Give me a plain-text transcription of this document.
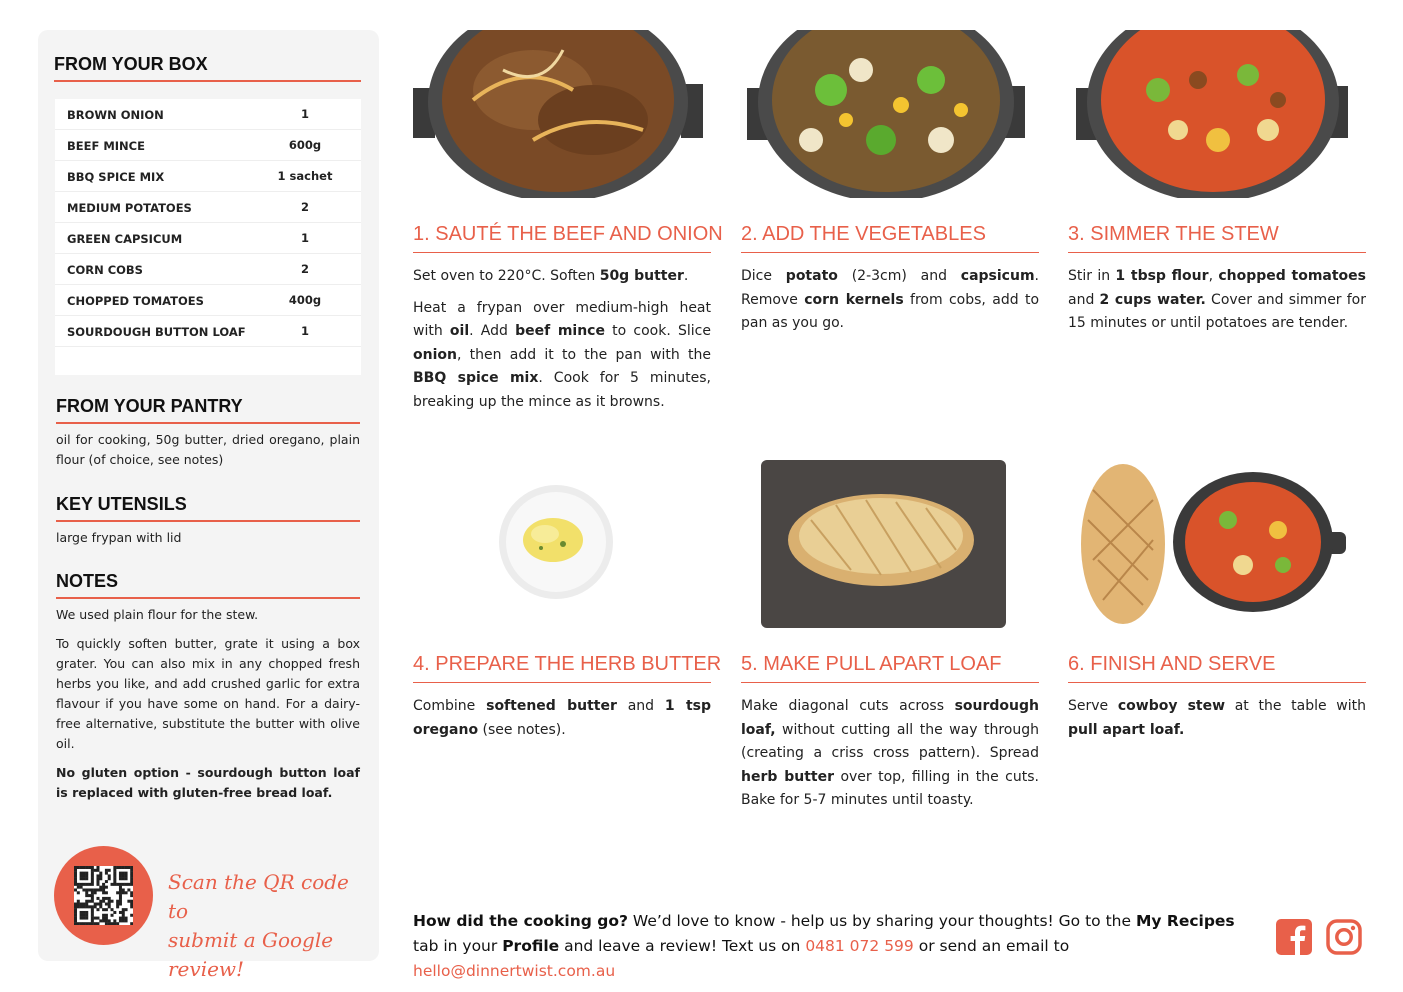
FROM YOUR BOX
BROWN ONION	1
BEEF MINCE	600g
BBQ SPICE MIX	1 sachet
MEDIUM POTATOES	2
GREEN CAPSICUM	1
CORN COBS	2
CHOPPED TOMATOES	400g
SOURDOUGH BUTTON LOAF	1
FROM YOUR PANTRY
oil for cooking, 50g butter, dried oregano, plain flour (of choice, see notes)
KEY UTENSILS
large frypan with lid
NOTES

We used plain flour for the stew.

To quickly soften butter, grate it using a box grater. You can also mix in any chopped fresh herbs you like, and add crushed garlic for extra flavour if you have some on hand. For a dairy-free alternative, substitute the butter with olive oil.

No gluten option - sourdough button loaf is replaced with gluten-free bread loaf.

Scan the QR code to
submit a Google review!
1. SAUTÉ THE BEEF AND ONION

Set oven to 220°C. Soften 50g butter.

Heat a frypan over medium-high heat with oil. Add beef mince to cook. Slice onion, then add it to the pan with the BBQ spice mix. Cook for 5 minutes, breaking up the mince as it browns.

2. ADD THE VEGETABLES

Dice potato (2-3cm) and capsicum. Remove corn kernels from cobs, add to pan as you go.

3. SIMMER THE STEW

Stir in 1 tbsp flour, chopped tomatoes and 2 cups water. Cover and simmer for 15 minutes or until potatoes are tender.

4. PREPARE THE HERB BUTTER

Combine softened butter and 1 tsp oregano (see notes).

5. MAKE PULL APART LOAF

Make diagonal cuts across sourdough loaf, without cutting all the way through (creating a criss cross pattern). Spread herb butter over top, filling in the cuts. Bake for 5-7 minutes until toasty.

6. FINISH AND SERVE

Serve cowboy stew at the table with pull apart loaf.

How did the cooking go? We’d love to know - help us by sharing your thoughts! Go to the My Recipes tab in your Profile and leave a review! Text us on 0481 072 599 or send an email to hello@dinnertwist.com.au
